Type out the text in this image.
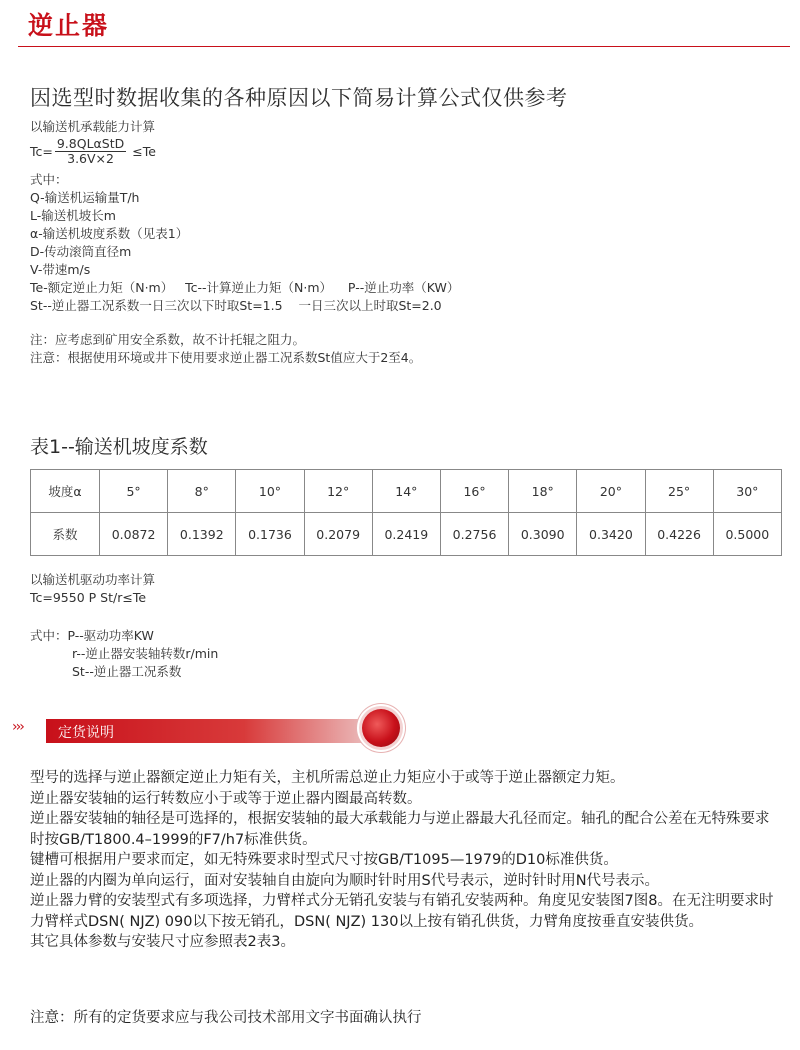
逆止器
因选型时数据收集的各种原因以下简易计算公式仅供参考
以输送机承载能力计算
$Tc= \frac{\text{9.8QLαStD}}{3.6V\times 2} \le Te$
式中：
Q-输送机运输量T/h
L-输送机坡长m
α-输送机坡度系数（见表1）
D-传动滚筒直径m
V-带速m/s
Te-额定逆止力矩（N·m）   Tc--计算逆止力矩（N·m）    P--逆止功率（KW）
St--逆止器工况系数一日三次以下时取St=1.5    一日三次以上时取St=2.0
注：应考虑到矿用安全系数，故不计托辊之阻力。
注意：根据使用环境或井下使用要求逆止器工况系数St值应大于2至4。
表1--输送机坡度系数
坡度α	5°	8°	10°	12°	14°	16°	18°	20°	25°	30°
系数	0.0872	0.1392	0.1736	0.2079	0.2419	0.2756	0.3090	0.3420	0.4226	0.5000
以输送机驱动功率计算
Tc=9550 P St/r≤Te
式中：P--驱动功率KW
r--逆止器安装轴转数r/min
St--逆止器工况系数
›››	定货说明

型号的选择与逆止器额定逆止力矩有关，主机所需总逆止力矩应小于或等于逆止器额定力矩。

逆止器安装轴的运行转数应小于或等于逆止器内圈最高转数。

逆止器安装轴的轴径是可选择的，根据安装轴的最大承载能力与逆止器最大孔径而定。轴孔的配合公差在无特殊要求时按GB/T1800.4–1999的F7/h7标准供货。

键槽可根据用户要求而定，如无特殊要求时型式尺寸按GB/T1095—1979的D10标准供货。

逆止器的内圈为单向运行，面对安装轴自由旋向为顺时针时用S代号表示，逆时针时用N代号表示。

逆止器力臂的安装型式有多项选择，力臂样式分无销孔安装与有销孔安装两种。角度见安装图7图8。在无注明要求时力臂样式DSN( NJZ) 090以下按无销孔，DSN( NJZ) 130以上按有销孔供货，力臂角度按垂直安装供货。

其它具体参数与安装尺寸应参照表2表3。

注意：所有的定货要求应与我公司技术部用文字书面确认执行
